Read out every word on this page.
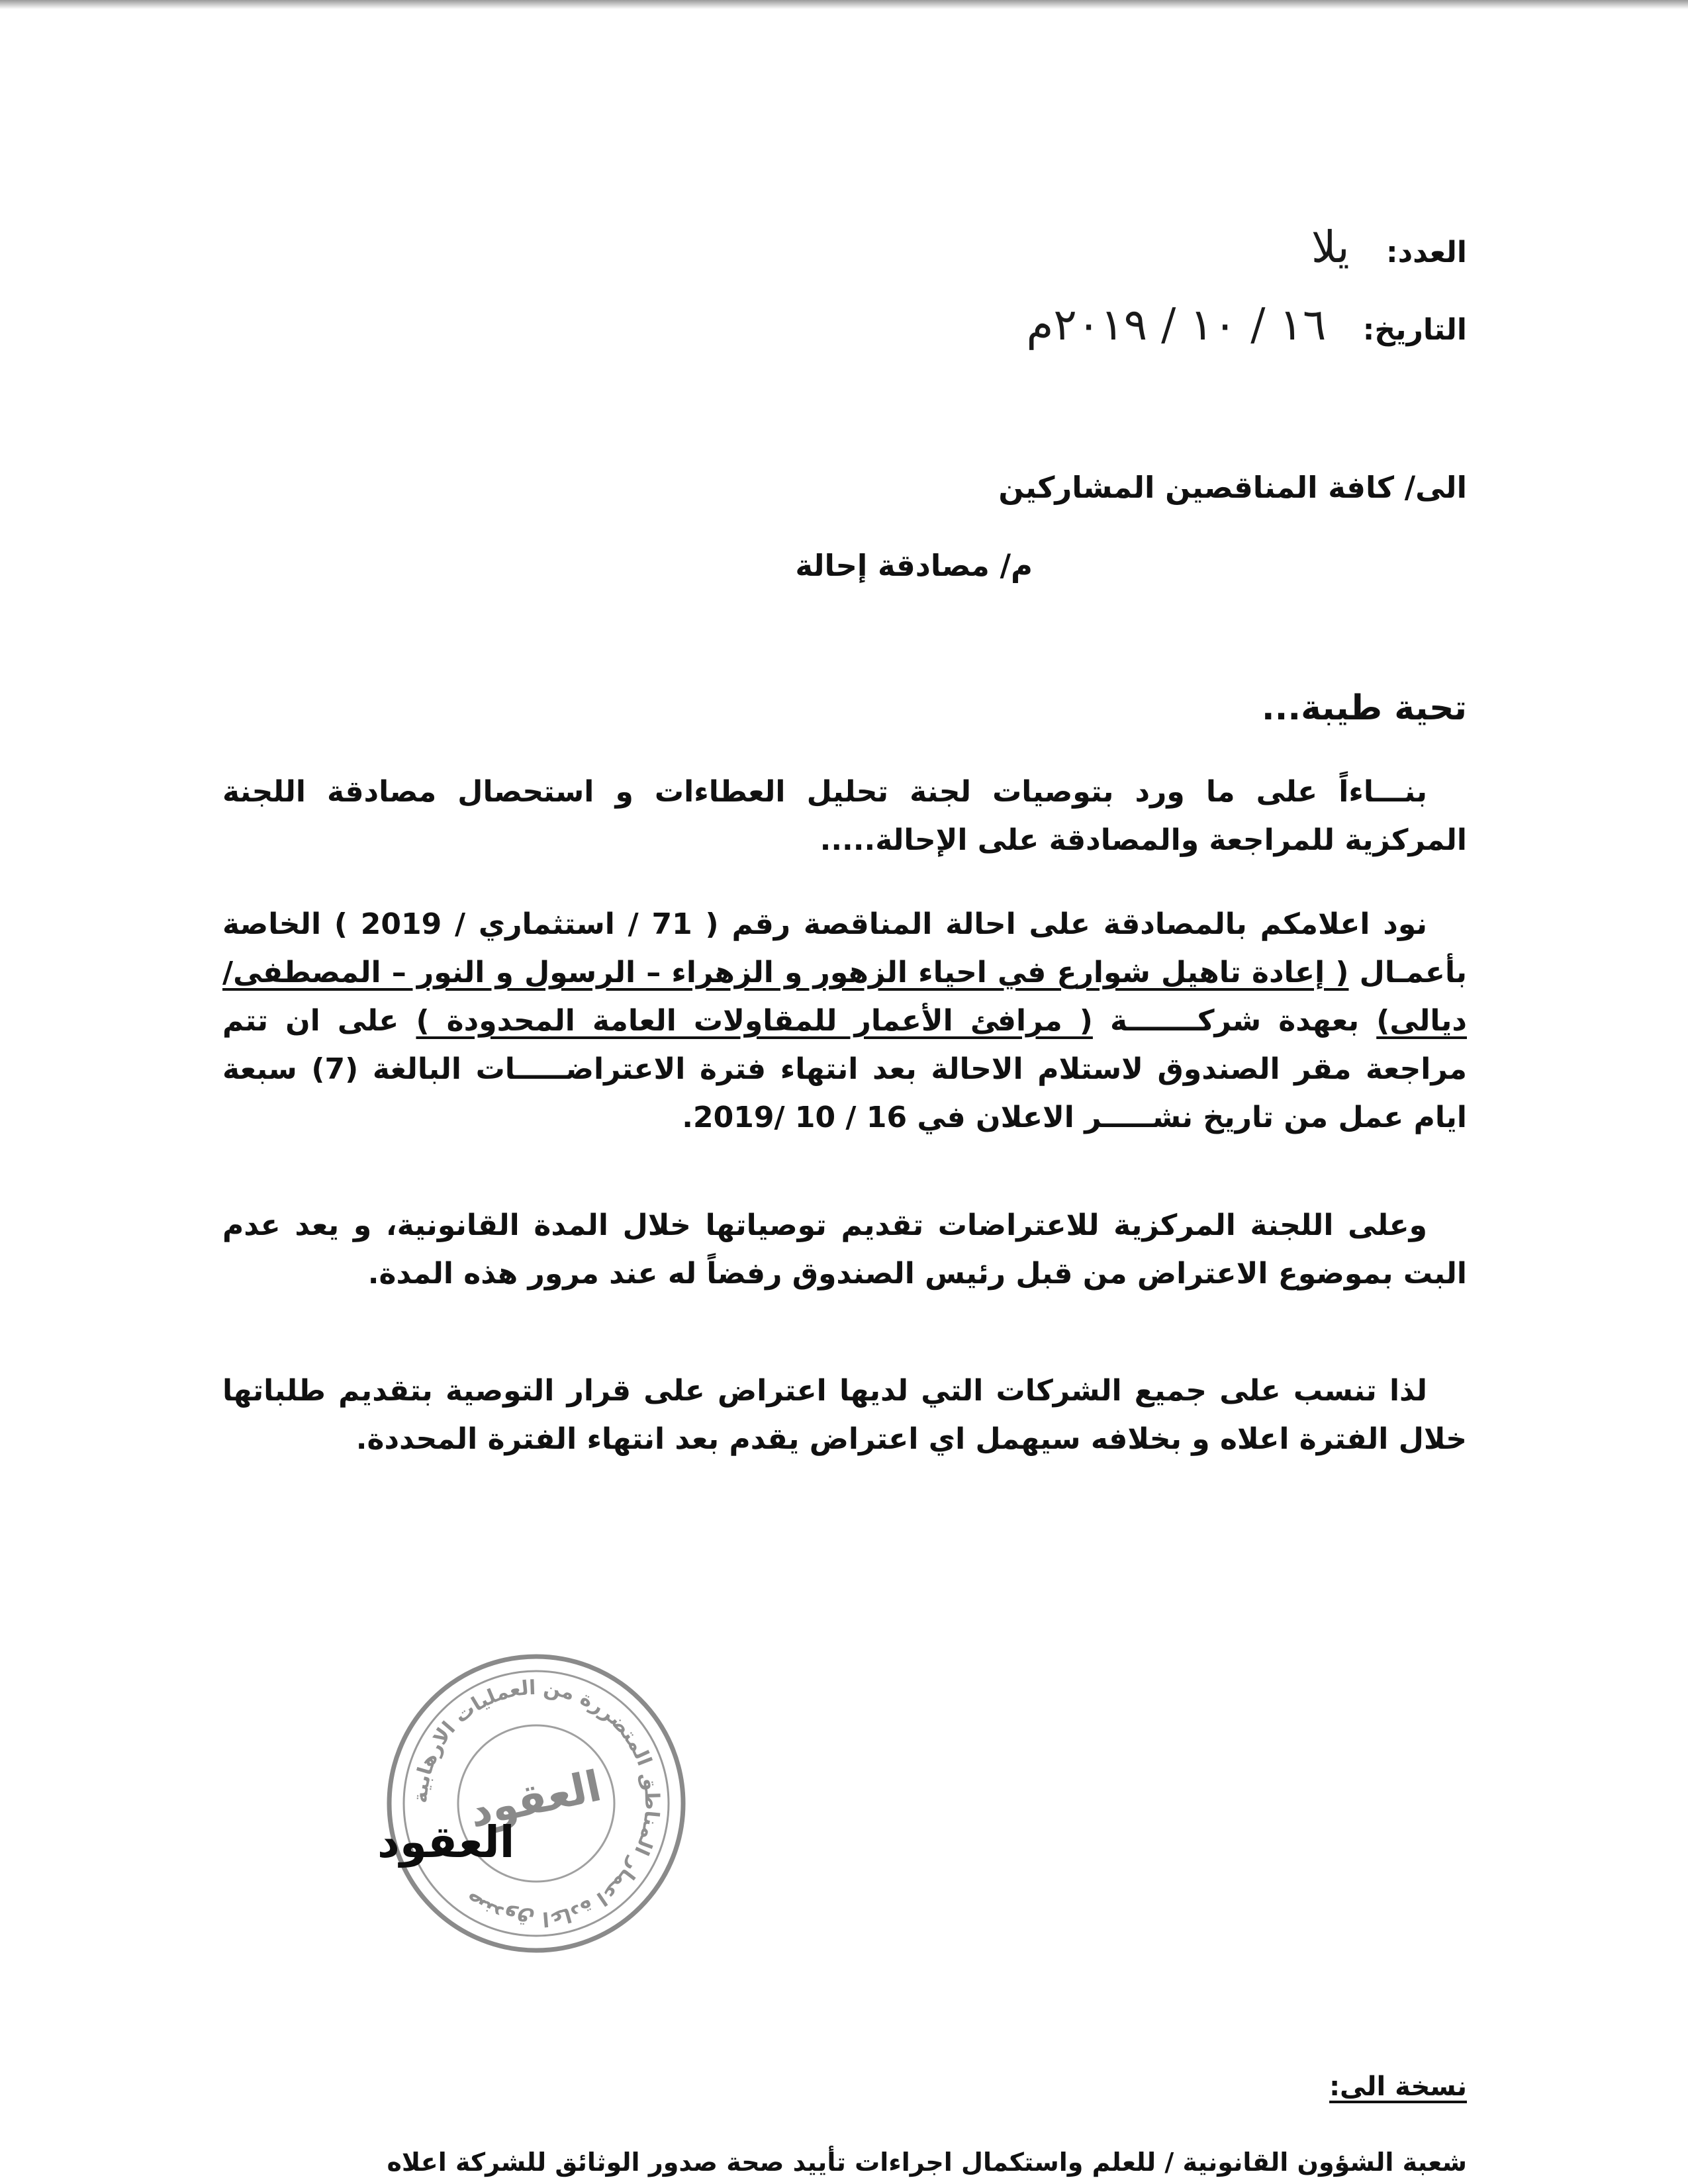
العدد: يلا
التاريخ: ١٦ / ١٠ / ٢٠١٩م
الى/ كافة المناقصين المشاركين
م/ مصادقة إحالة
تحية طيبة...

بنـــاءاً على ما ورد بتوصيات لجنة تحليل العطاءات و استحصال مصادقة اللجنة المركزية للمراجعة والمصادقة على الإحالة.....

نود اعلامكم بالمصادقة على احالة المناقصة رقم ( 71 / استثماري / 2019 ) الخاصة بأعمـال ( إعادة تاهيل شوارع في احياء الزهور و الزهراء – الرسول و النور – المصطفى/ ديالى) بعهدة شركـــــــة ( مرافئ الأعمار للمقاولات العامة المحدودة ) على ان تتم مراجعة مقر الصندوق لاستلام الاحالة بعد انتهاء فترة الاعتراضـــــات البالغة (7) سبعة ايام عمل من تاريخ نشـــــر الاعلان في 16 / 10 /2019.

وعلى اللجنة المركزية للاعتراضات تقديم توصياتها خلال المدة القانونية، و يعد عدم البت بموضوع الاعتراض من قبل رئيس الصندوق رفضاً له عند مرور هذه المدة.

لذا تنسب على جميع الشركات التي لديها اعتراض على قرار التوصية بتقديم طلباتها خلال الفترة اعلاه و بخلافه سيهمل اي اعتراض يقدم بعد انتهاء الفترة المحددة.

صندوق اعادة اعمار المناطق المتضررة من العمليات الارهابية
العقود
العقود
نسخة الى:
شعبة الشؤون القانونية / للعلم واستكمال اجراءات تأييد صحة صدور الوثائق للشركة اعلاه
